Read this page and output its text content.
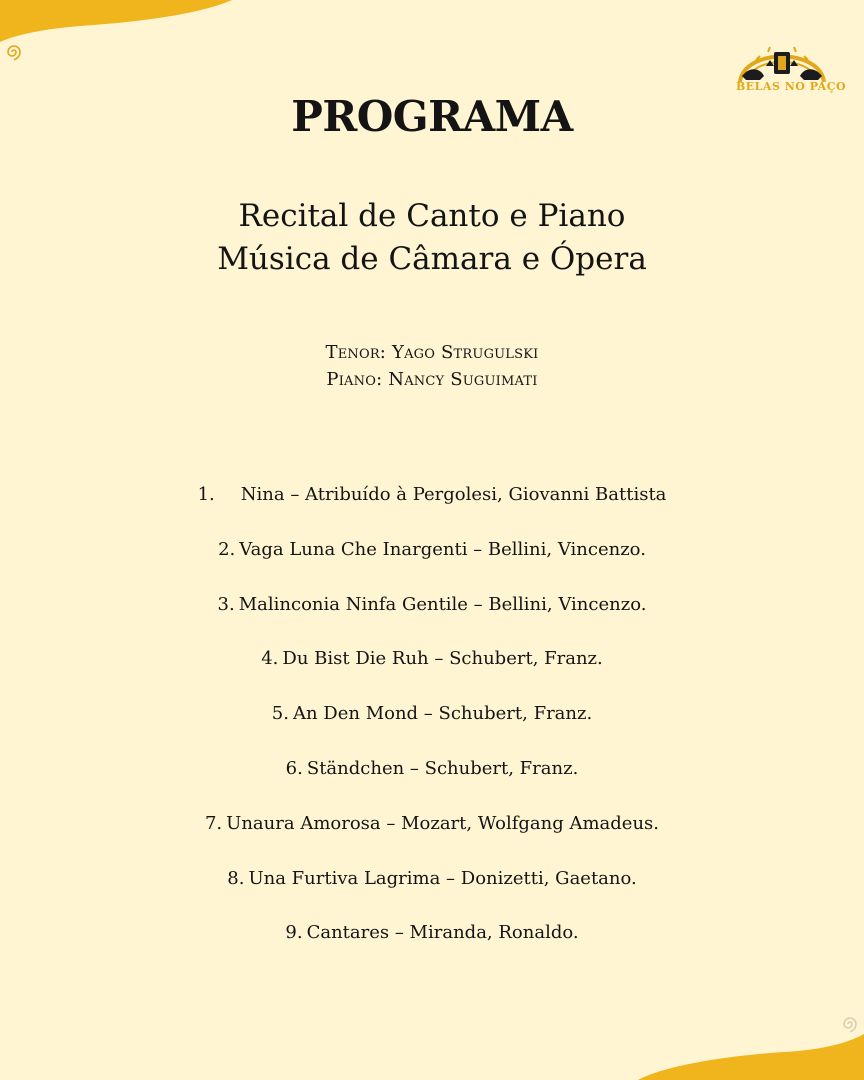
BELAS NO PAÇO
PROGRAMA
Recital de Canto e Piano
Música de Câmara e Ópera
Tenor: Yago Strugulski
Piano: Nancy Suguimati
1. Nina – Atribuído à Pergolesi, Giovanni Battista
2. Vaga Luna Che Inargenti – Bellini, Vincenzo.
3. Malinconia Ninfa Gentile – Bellini, Vincenzo.
4. Du Bist Die Ruh – Schubert, Franz.
5. An Den Mond – Schubert, Franz.
6. Ständchen – Schubert, Franz.
7. Unaura Amorosa – Mozart, Wolfgang Amadeus.
8. Una Furtiva Lagrima – Donizetti, Gaetano.
9. Cantares – Miranda, Ronaldo.
